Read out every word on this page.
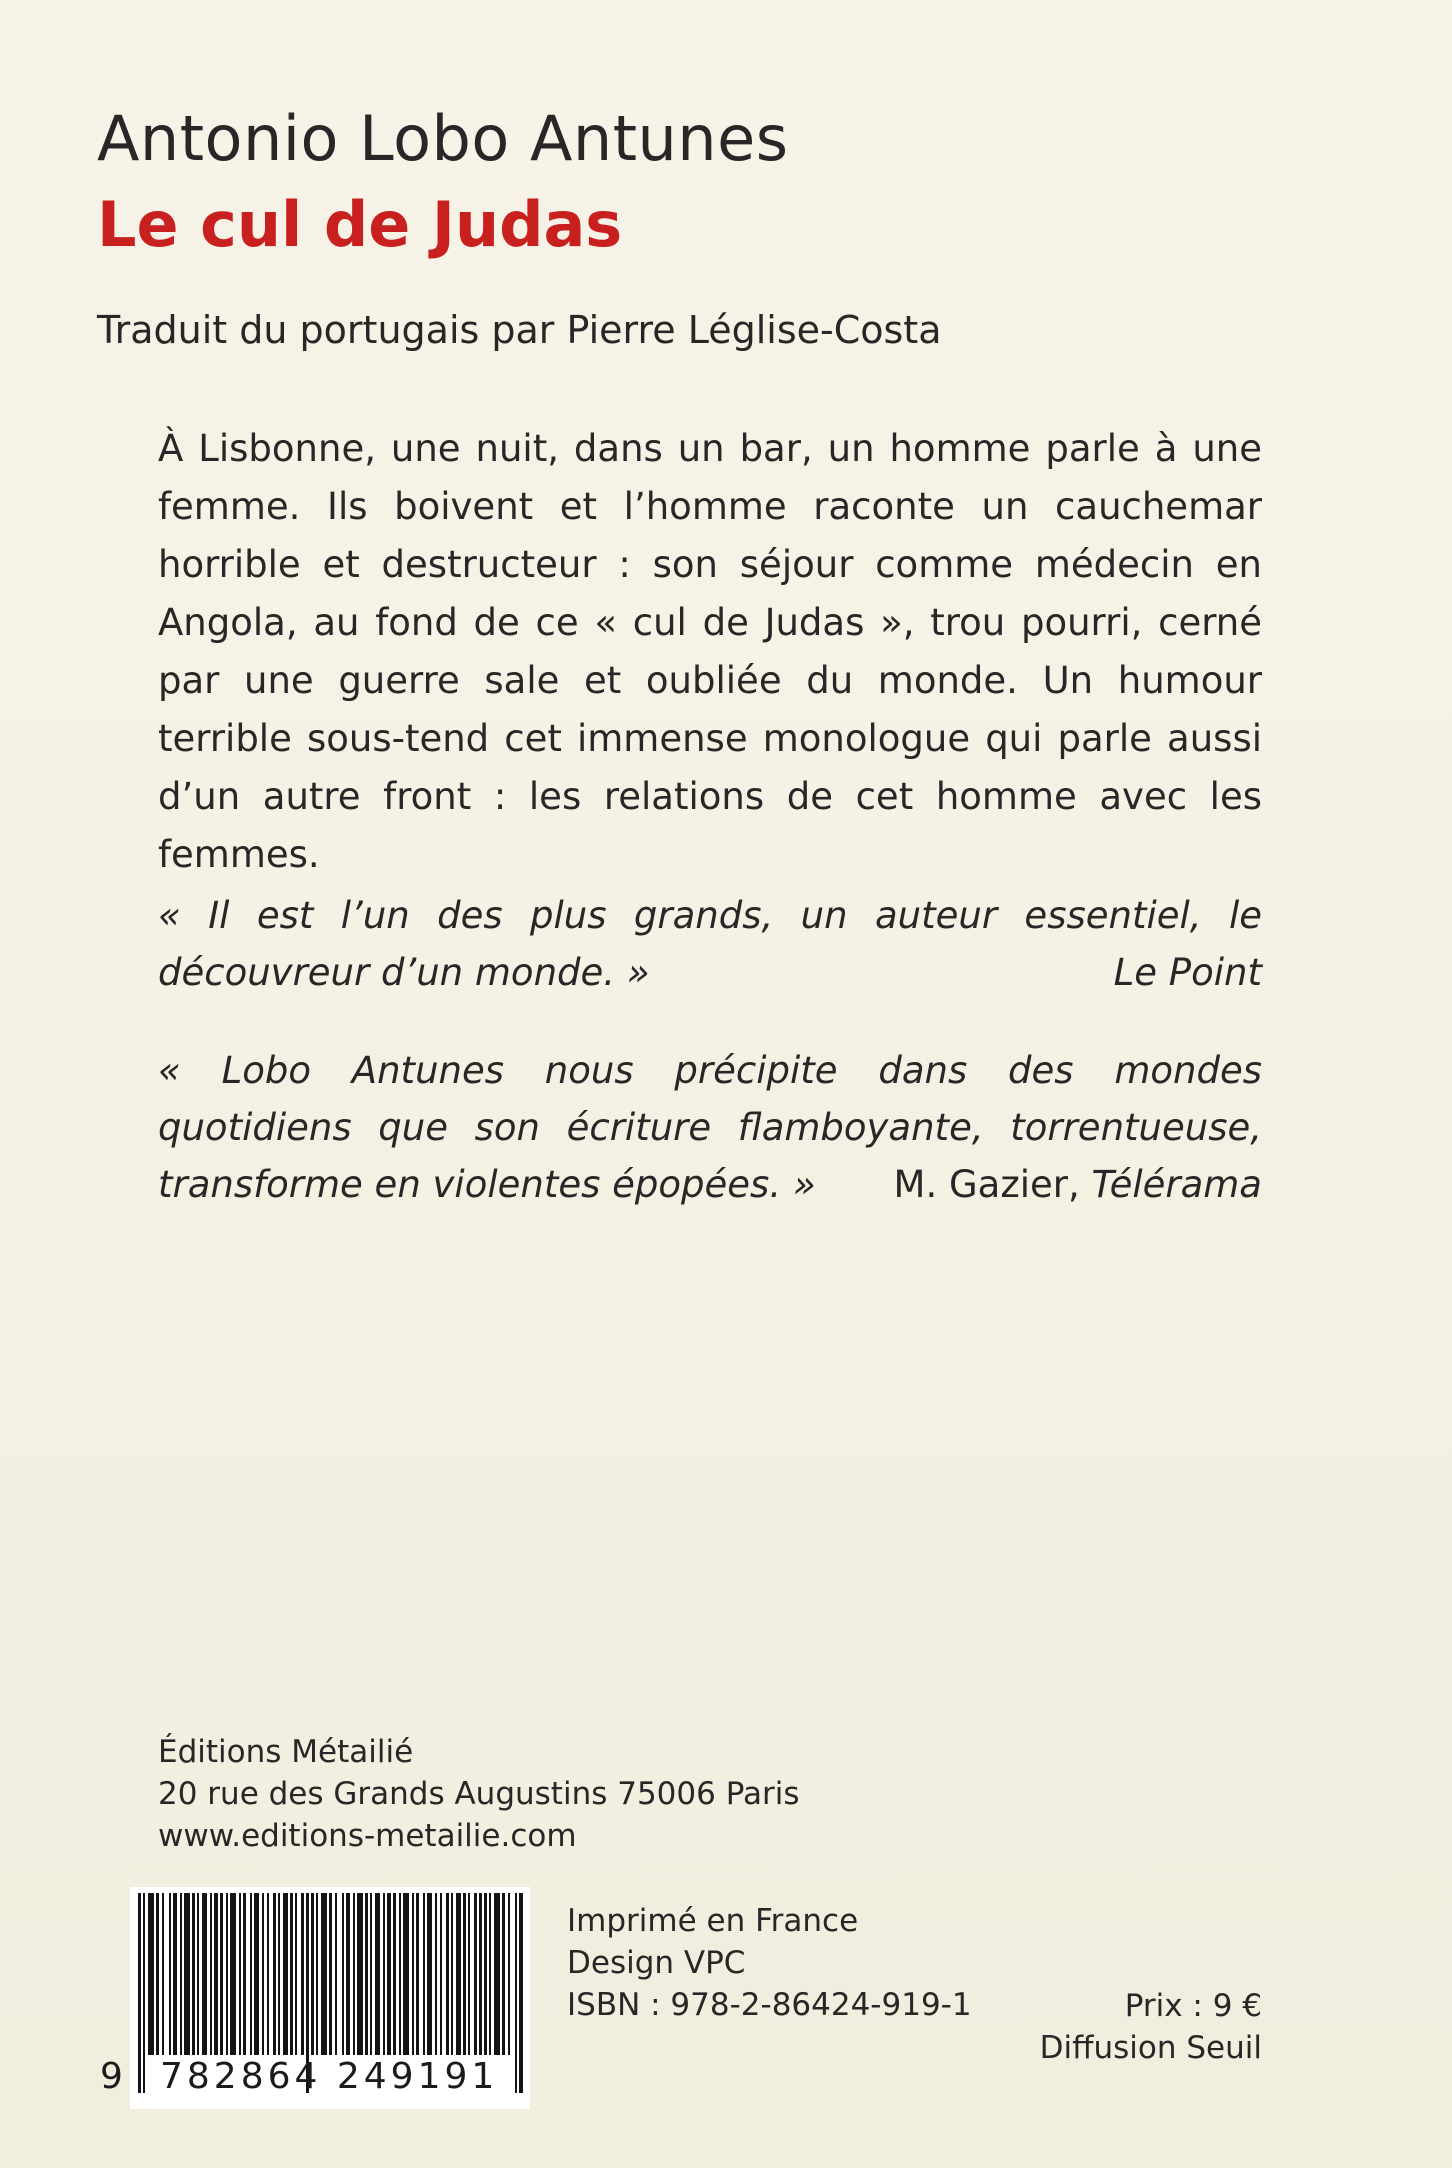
Antonio Lobo Antunes
Le cul de Judas
Traduit du portugais par Pierre Léglise-Costa
À Lisbonne, une nuit, dans un bar, un homme parle à une femme. Ils boivent et l’homme raconte un cauchemar horrible et destructeur : son séjour comme médecin en Angola, au fond de ce « cul de Judas », trou pourri, cerné par une guerre sale et oubliée du monde. Un humour terrible sous-tend cet immense monologue qui parle aussi d’un autre front : les relations de cet homme avec les femmes.
« Il est l’un des plus grands, un auteur essentiel, le découvreur d’un monde. »	Le Point
« Lobo Antunes nous précipite dans des mondes quotidiens que son écriture flamboyante, torrentueuse, transforme en violentes épopées. »	M. Gazier, Télérama
Éditions Métailié
20 rue des Grands Augustins 75006 Paris
www.editions-metailie.com
9 782864 249191
Imprimé en France
Design VPC
ISBN : 978-2-86424-919-1	Prix : 9 €
Diffusion Seuil
